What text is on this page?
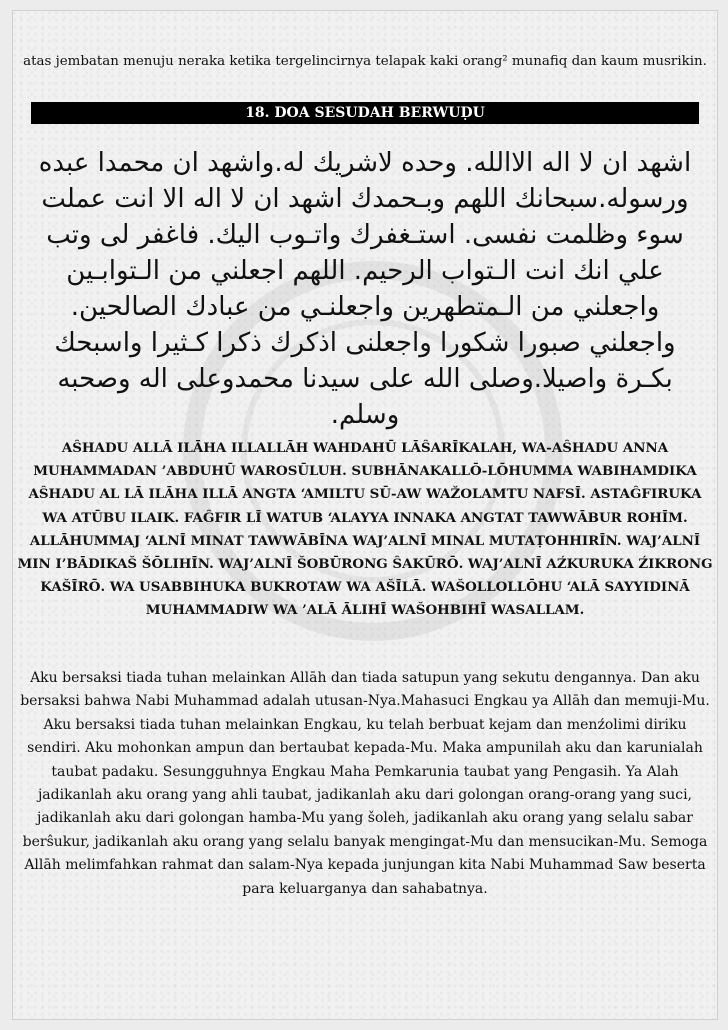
atas jembatan menuju neraka ketika tergelincirnya telapak kaki orang² munafiq dan kaum musrikin.
18. DOA SESUDAH BERWUḌU
اشهد ان لا اله الاالله. وحده لاشريك له.واشهد ان محمدا عبده ورسوله.سبحانك اللهم وبـحمدك اشهد ان لا اله الا انت عملت سوء وظلمت نفسى. استـغفرك واتـوب اليك. فاغفر لى وتب علي انك انت الـتواب الرحيم. اللهم اجعلني من الـتوابـين واجعلني من الـمتطهرين واجعلنـي من عبادك الصالحين. واجعلني صبورا شكورا واجعلنى اذكرك ذكرا كـثيرا واسبحك بكـرة واصيلا.وصلى الله على سيدنا محمدوعلى اله وصحبه وسلم.
AŜHADU ALLĀ ILĀHA ILLALLĀH WAHDAHŪ LĀŜARĪKALAH, WA-AŜHADU ANNA MUHAMMADAN ’ABDUHŪ WAROSŪLUH. SUBHĀNAKALLŌ-LŌHUMMA WABIHAMDIKA AŜHADU AL LĀ ILĀHA ILLĀ ANGTA ‘AMILTU SŪ-AW WAŽOLAMTU NAFSĪ. ASTAĜFIRUKA WA ATŪBU ILAIK. FAĜFIR LĪ WATUB ‘ALAYYA INNAKA ANGTAT TAWWĀBUR ROHĪM. ALLĀHUMMAJ ‘ALNĪ MINAT TAWWĀBĪNA WAJ’ALNĪ MINAL MUTAṬOHHIRĪN. WAJ’ALNĪ MIN I’BĀDIKAŠ ŠŌLIHĪN. WAJ’ALNĪ ŠOBŪRONG ŜAKŪRŌ. WAJ’ALNĪ AŹKURUKA ŹIKRONG KAŠĪRŌ. WA USABBIHUKA BUKROTAW WA AŠĪLĀ. WAŠOLLOLLŌHU ‘ALĀ SAYYIDINĀ MUHAMMADIW WA ’ALĀ ĀLIHĪ WAŠOHBIHĪ WASALLAM.
Aku bersaksi tiada tuhan melainkan Allāh dan tiada satupun yang sekutu dengannya. Dan aku bersaksi bahwa Nabi Muhammad adalah utusan-Nya.Mahasuci Engkau ya Allāh dan memuji-Mu. Aku bersaksi tiada tuhan melainkan Engkau, ku telah berbuat kejam dan menźolimi diriku sendiri. Aku mohonkan ampun dan bertaubat kepada-Mu. Maka ampunilah aku dan karunialah taubat padaku. Sesungguhnya Engkau Maha Pemkarunia taubat yang Pengasih. Ya Alah jadikanlah aku orang yang ahli taubat, jadikanlah aku dari golongan orang-orang yang suci, jadikanlah aku dari golongan hamba-Mu yang šoleh, jadikanlah aku orang yang selalu sabar berŝukur, jadikanlah aku orang yang selalu banyak mengingat-Mu dan mensucikan-Mu. Semoga Allāh melimfahkan rahmat dan salam-Nya kepada junjungan kita Nabi Muhammad Saw beserta para keluarganya dan sahabatnya.
